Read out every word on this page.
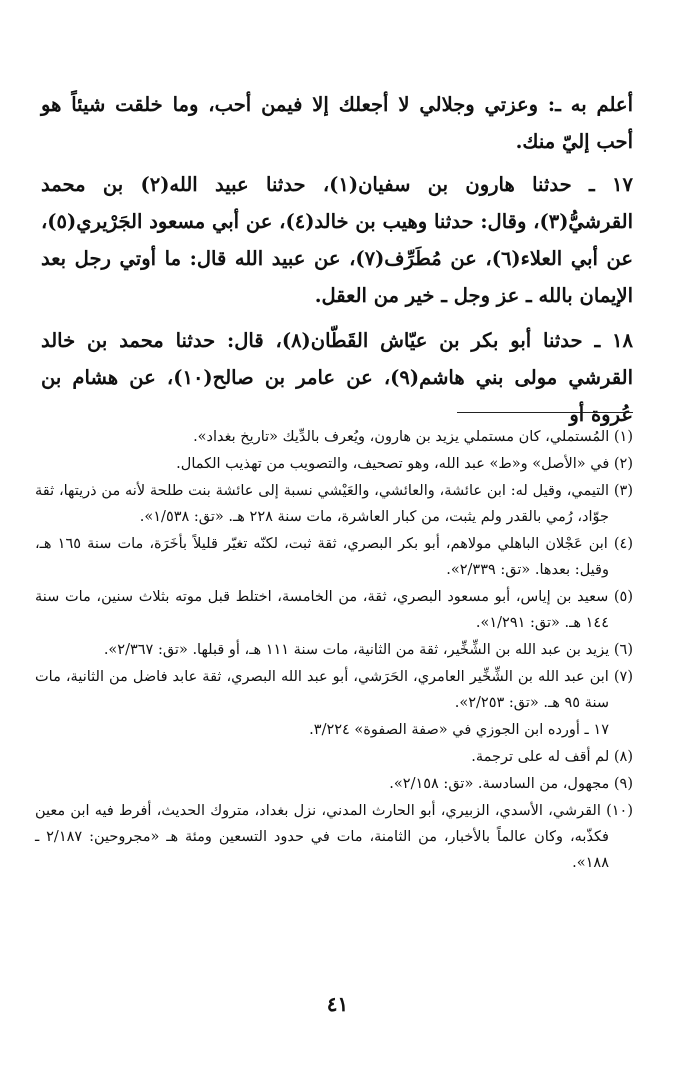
أعلم به ـ: وعزتي وجلالي لا أجعلك إلا فيمن أحب، وما خلقت شيئاً هو أحب إليّ منك.

١٧ ـ حدثنا هارون بن سفيان(١)، حدثنا عبيد الله(٢) بن محمد القرشيُّ(٣)، وقال: حدثنا وهيب بن خالد(٤)، عن أبي مسعود الجَرْيري(٥)، عن أبي العلاء(٦)، عن مُطَرِّف(٧)، عن عبيد الله قال: ما أوتي رجل بعد الإيمان بالله ـ عز وجل ـ خير من العقل.

١٨ ـ حدثنا أبو بكر بن عيّاش القَطّان(٨)، قال: حدثنا محمد بن خالد القرشي مولى بني هاشم(٩)، عن عامر بن صالح(١٠)، عن هشام بن عُروة أو

(١) المُستملي، كان مستملي يزيد بن هارون، ويُعرف بالدِّيك «تاريخ بغداد».

(٢) في «الأصل» و«ط» عبد الله، وهو تصحيف، والتصويب من تهذيب الكمال.

(٣) التيمي، وقيل له: ابن عائشة، والعائشي، والعَيْشي نسبة إلى عائشة بنت طلحة لأنه من ذريتها، ثقة جوّاد، رُمي بالقدر ولم يثبت، من كبار العاشرة، مات سنة ٢٢٨ هـ. «تق: ١/٥٣٨».

(٤) ابن عَجْلان الباهلي مولاهم، أبو بكر البصري، ثقة ثبت، لكنّه تغيّر قليلاً بأخَرَة، مات سنة ١٦٥ هـ، وقيل: بعدها. «تق: ٢/٣٣٩».

(٥) سعيد بن إياس، أبو مسعود البصري، ثقة، من الخامسة، اختلط قبل موته بثلاث سنين، مات سنة ١٤٤ هـ. «تق: ١/٢٩١».

(٦) يزيد بن عبد الله بن الشِّخِّير، ثقة من الثانية، مات سنة ١١١ هـ، أو قبلها. «تق: ٢/٣٦٧».

(٧) ابن عبد الله بن الشِّخِّير العامري، الحَرَشي، أبو عبد الله البصري، ثقة عابد فاضل من الثانية، مات سنة ٩٥ هـ. «تق: ٢/٢٥٣».

١٧ ـ أورده ابن الجوزي في «صفة الصفوة» ٣/٢٢٤.

(٨) لم أقف له على ترجمة.

(٩) مجهول، من السادسة. «تق: ٢/١٥٨».

(١٠) القرشي، الأسدي، الزبيري، أبو الحارث المدني، نزل بغداد، متروك الحديث، أفرط فيه ابن معين فكذّبه، وكان عالماً بالأخبار، من الثامنة، مات في حدود التسعين ومئة هـ «مجروحين: ٢/١٨٧ ـ ١٨٨».

٤١
